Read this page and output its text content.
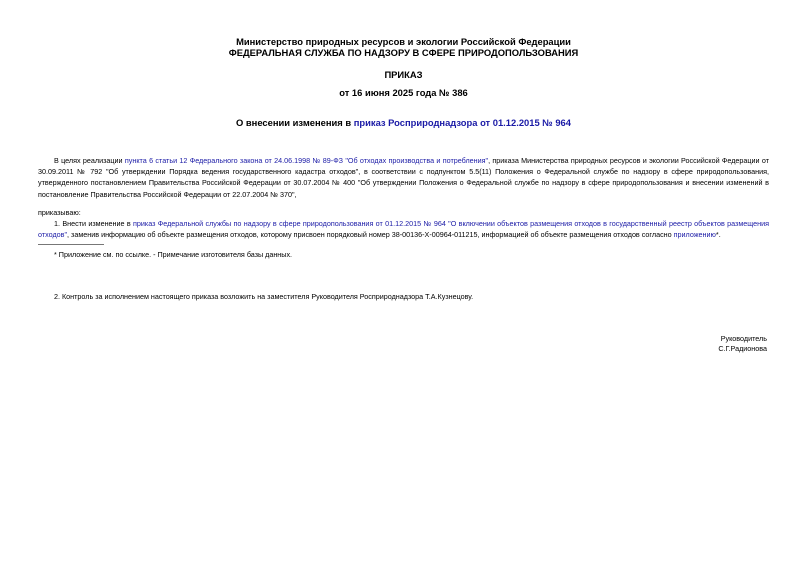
Министерство природных ресурсов и экологии Российской Федерации
ФЕДЕРАЛЬНАЯ СЛУЖБА ПО НАДЗОРУ В СФЕРЕ ПРИРОДОПОЛЬЗОВАНИЯ
ПРИКАЗ
от 16 июня 2025 года № 386
О внесении изменения в приказ Росприроднадзора от 01.12.2015 № 964
В целях реализации пункта 6 статьи 12 Федерального закона от 24.06.1998 № 89-ФЗ "Об отходах производства и потребления", приказа Министерства природных ресурсов и экологии Российской Федерации от 30.09.2011 № 792 "Об утверждении Порядка ведения государственного кадастра отходов", в соответствии с подпунктом 5.5(11) Положения о Федеральной службе по надзору в сфере природопользования, утвержденного постановлением Правительства Российской Федерации от 30.07.2004 № 400 "Об утверждении Положения о Федеральной службе по надзору в сфере природопользования и внесении изменений в постановление Правительства Российской Федерации от 22.07.2004 № 370",
приказываю:
1. Внести изменение в приказ Федеральной службы по надзору в сфере природопользования от 01.12.2015 № 964 "О включении объектов размещения отходов в государственный реестр объектов размещения отходов", заменив информацию об объекте размещения отходов, которому присвоен порядковый номер 38-00136-Х-00964-011215, информацией об объекте размещения отходов согласно приложению*.
* Приложение см. по ссылке. - Примечание изготовителя базы данных.
2. Контроль за исполнением настоящего приказа возложить на заместителя Руководителя Росприроднадзора Т.А.Кузнецову.
Руководитель
С.Г.Радионова
